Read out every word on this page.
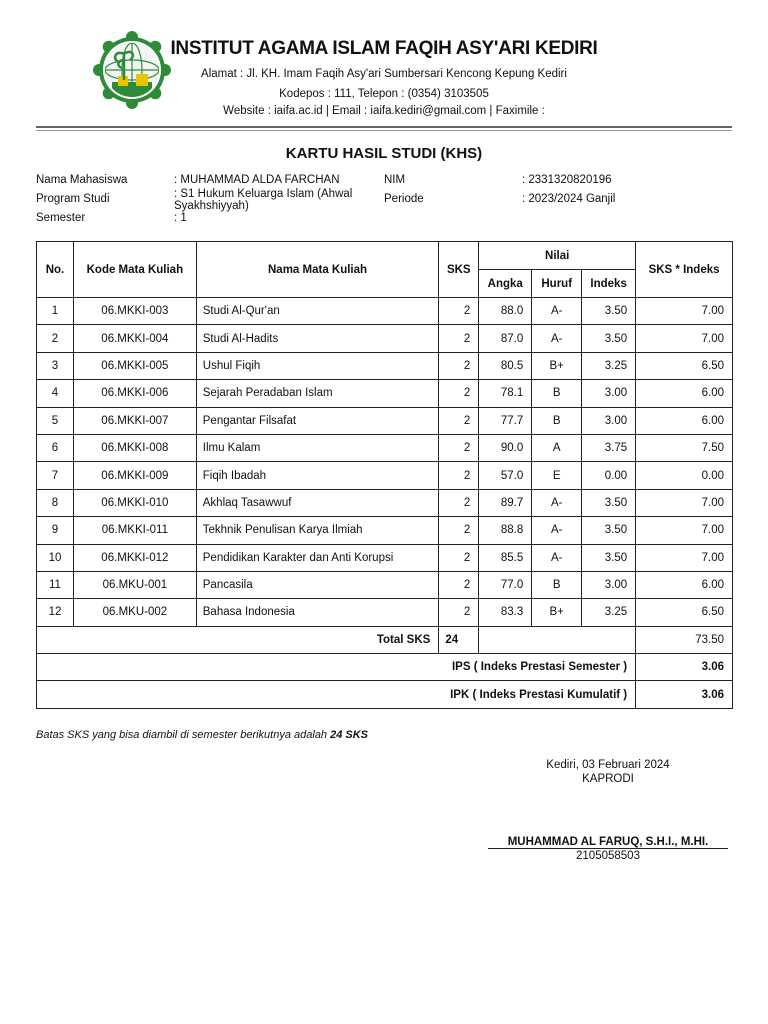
INSTITUT AGAMA ISLAM FAQIH ASY'ARI KEDIRI
Alamat : Jl. KH. Imam Faqih Asy'ari Sumbersari Kencong Kepung Kediri
Kodepos : 111, Telepon : (0354) 3103505
Website : iaifa.ac.id | Email : iaifa.kediri@gmail.com | Faximile :
KARTU HASIL STUDI (KHS)
Nama Mahasiswa	: MUHAMMAD ALDA FARCHAN
Program Studi	: S1 Hukum Keluarga Islam (Ahwal Syakhshiyyah)
Semester	: 1
NIM	: 2331320820196
Periode	: 2023/2024 Ganjil
No.	Kode Mata Kuliah	Nama Mata Kuliah	SKS	Nilai			SKS * Indeks
				Angka	Huruf	Indeks	
1	06.MKKI-003	Studi Al-Qur'an	2	88.0	A-	3.50	7.00
2	06.MKKI-004	Studi Al-Hadits	2	87.0	A-	3.50	7.00
3	06.MKKI-005	Ushul Fiqih	2	80.5	B+	3.25	6.50
4	06.MKKI-006	Sejarah Peradaban Islam	2	78.1	B	3.00	6.00
5	06.MKKI-007	Pengantar Filsafat	2	77.7	B	3.00	6.00
6	06.MKKI-008	Ilmu Kalam	2	90.0	A	3.75	7.50
7	06.MKKI-009	Fiqih Ibadah	2	57.0	E	0.00	0.00
8	06.MKKI-010	Akhlaq Tasawwuf	2	89.7	A-	3.50	7.00
9	06.MKKI-011	Tekhnik Penulisan Karya Ilmiah	2	88.8	A-	3.50	7.00
10	06.MKKI-012	Pendidikan Karakter dan Anti Korupsi	2	85.5	A-	3.50	7.00
11	06.MKU-001	Pancasila	2	77.0	B	3.00	6.00
12	06.MKU-002	Bahasa Indonesia	2	83.3	B+	3.25	6.50
Total SKS			24				73.50
IPS ( Indeks Prestasi Semester )							3.06
IPK ( Indeks Prestasi Kumulatif )							3.06
Batas SKS yang bisa diambil di semester berikutnya adalah 24 SKS
Kediri, 03 Februari 2024
KAPRODI
MUHAMMAD AL FARUQ, S.H.I., M.HI.
2105058503
